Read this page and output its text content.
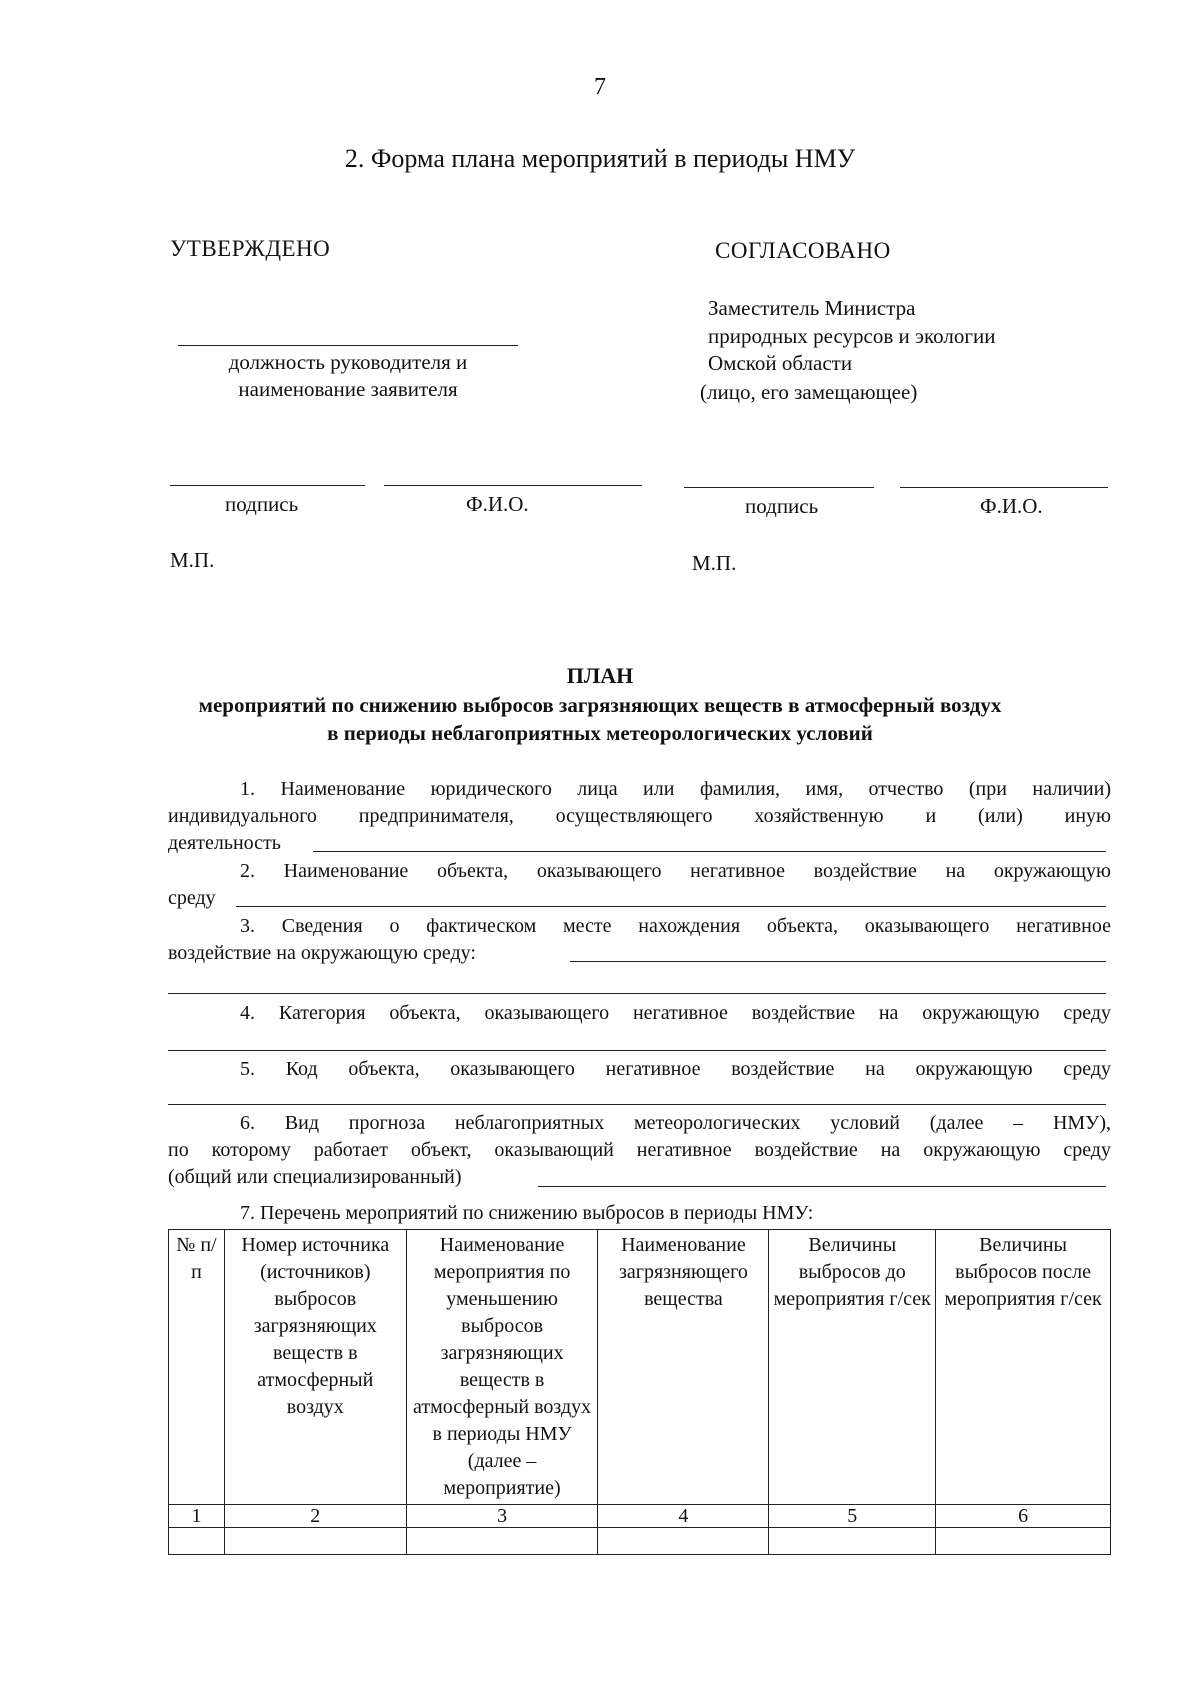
7
2. Форма плана мероприятий в периоды НМУ
УТВЕРЖДЕНО
должность руководителя и
наименование заявителя
подпись	Ф.И.О.
М.П.
СОГЛАСОВАНО
Заместитель Министра
природных ресурсов и экологии
Омской области
(лицо, его замещающее)
подпись	Ф.И.О.
М.П.
ПЛАН
мероприятий по снижению выбросов загрязняющих веществ в атмосферный воздух
в периоды неблагоприятных метеорологических условий
1. Наименование юридического лица или фамилия, имя, отчество (при наличии)
индивидуального предпринимателя, осуществляющего хозяйственную и (или) иную
деятельность
2. Наименование объекта, оказывающего негативное воздействие на окружающую
среду
3. Сведения о фактическом месте нахождения объекта, оказывающего негативное
воздействие на окружающую среду:
4. Категория объекта, оказывающего негативное воздействие на окружающую среду
5. Код объекта, оказывающего негативное воздействие на окружающую среду
6. Вид прогноза неблагоприятных метеорологических условий (далее – НМУ),
по которому работает объект, оказывающий негативное воздействие на окружающую среду
(общий или специализированный)
7. Перечень мероприятий по снижению выбросов в периоды НМУ:
№ п/п	Номер источника (источников) выбросов загрязняющих веществ в атмосферный воздух	Наименование мероприятия по уменьшению выбросов загрязняющих веществ в атмосферный воздух в периоды НМУ (далее – мероприятие)	Наименование загрязняющего вещества	Величины выбросов до мероприятия г/сек	Величины выбросов после мероприятия г/сек
1	2	3	4	5	6
